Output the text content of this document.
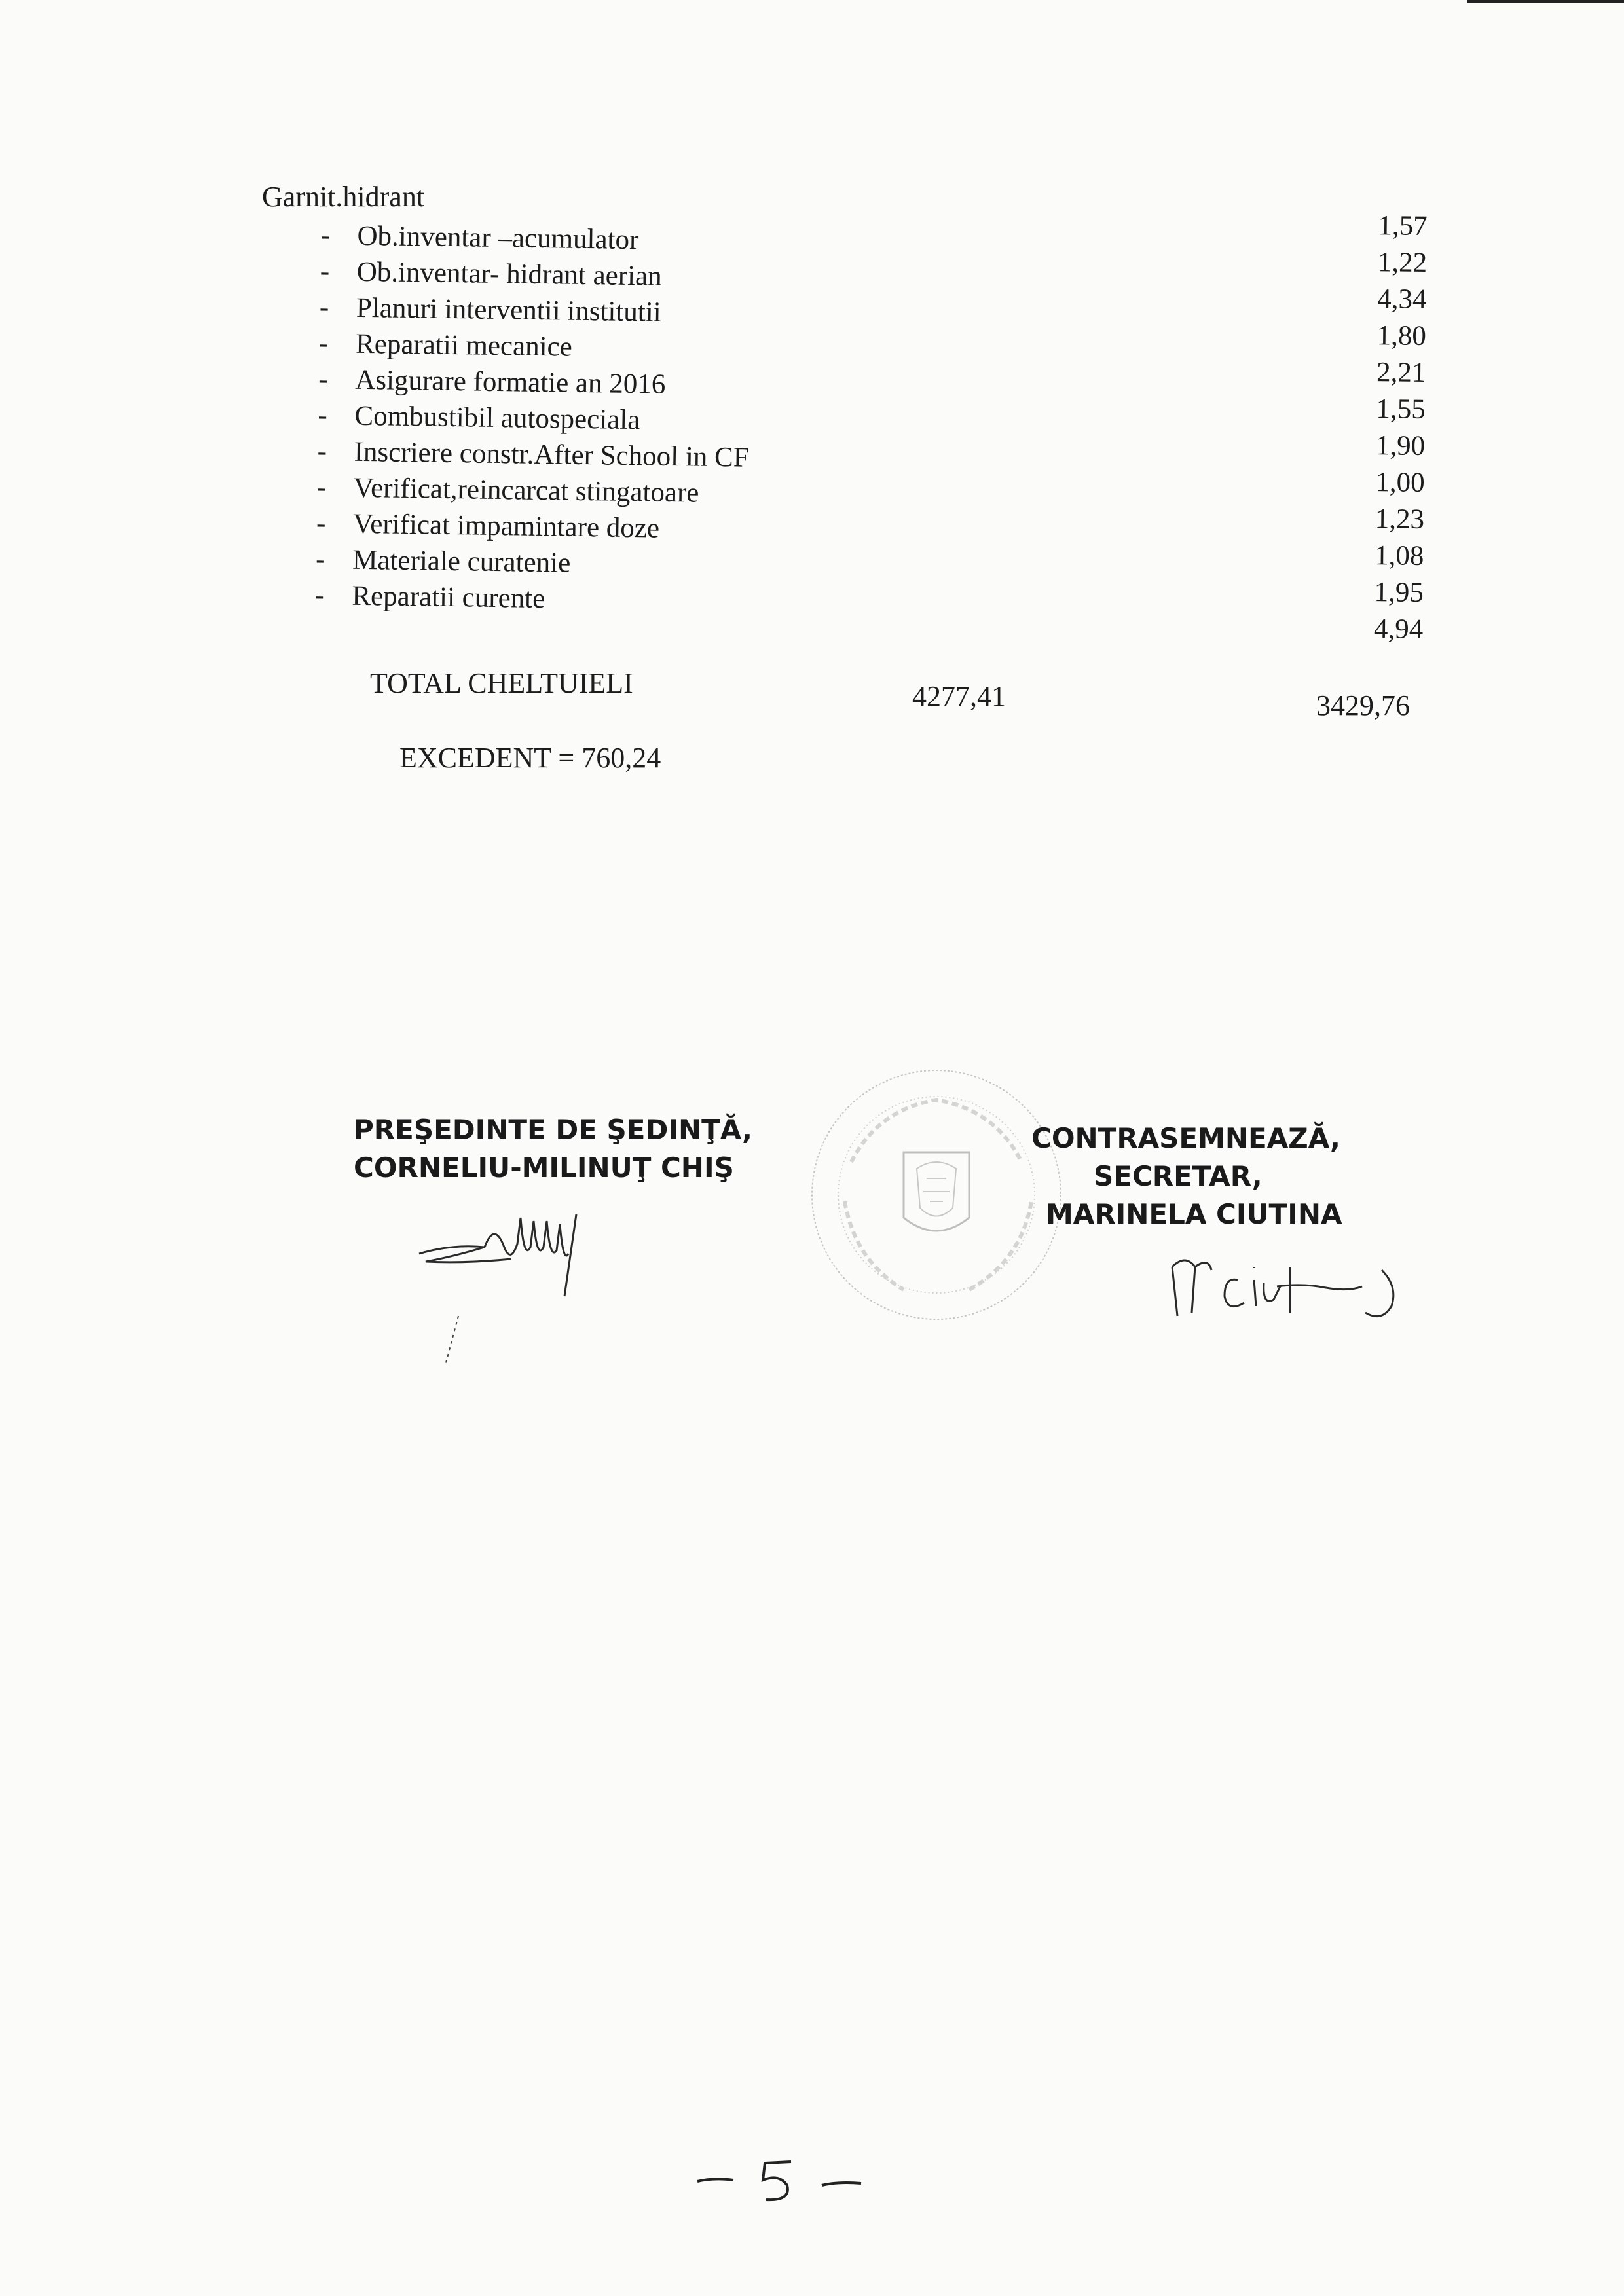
Garnit.hidrant
- Ob.inventar –acumulator
- Ob.inventar- hidrant aerian
- Planuri interventii institutii
- Reparatii mecanice
- Asigurare formatie an 2016
- Combustibil autospeciala
- Inscriere constr.After School in CF
- Verificat,reincarcat stingatoare
- Verificat impamintare doze
- Materiale curatenie
- Reparatii curente
1,57
1,22
4,34
1,80
2,21
1,55
1,90
1,00
1,23
1,08
1,95
4,94
TOTAL CHELTUIELI	4277,41	3429,76
EXCEDENT = 760,24
PREŞEDINTE DE ŞEDINŢĂ,
CORNELIU-MILINUŢ CHIŞ
CONTRASEMNEAZĂ,
SECRETAR,
MARINELA CIUTINA
